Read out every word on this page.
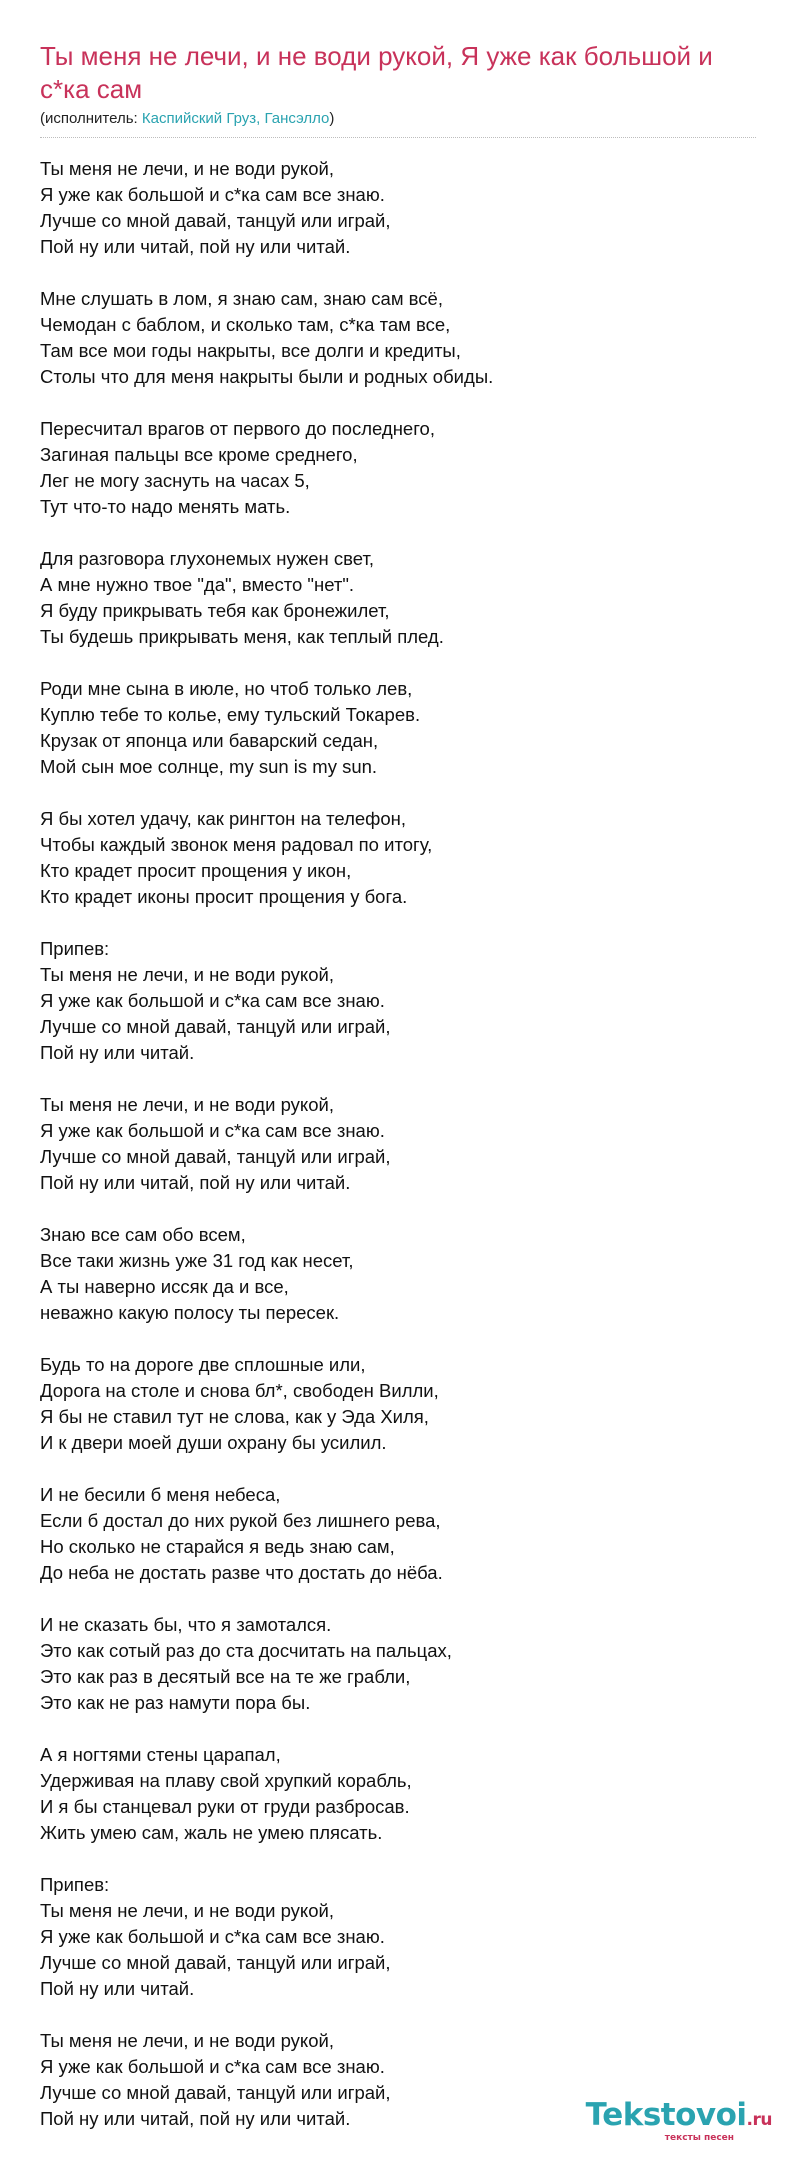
Ты меня не лечи, и не води рукой, Я уже как большой и с*ка сам
(исполнитель: Каспийский Груз, Гансэлло)
Ты меня не лечи, и не води рукой,
Я уже как большой и с*ка сам все знаю.
Лучше со мной давай, танцуй или играй,
Пой ну или читай, пой ну или читай.
Мне слушать в лом, я знаю сам, знаю сам всё,
Чемодан с баблом, и сколько там, с*ка там все,
Там все мои годы накрыты, все долги и кредиты,
Столы что для меня накрыты были и родных обиды.
Пересчитал врагов от первого до последнего,
Загиная пальцы все кроме среднего,
Лег не могу заснуть на часах 5,
Тут что-то надо менять мать.
Для разговора глухонемых нужен свет,
А мне нужно твое "да", вместо "нет".
Я буду прикрывать тебя как бронежилет,
Ты будешь прикрывать меня, как теплый плед.
Роди мне сына в июле, но чтоб только лев,
Куплю тебе то колье, ему тульский Токарев.
Крузак от японца или баварский седан,
Мой сын мое солнце, my sun is my sun.
Я бы хотел удачу, как рингтон на телефон,
Чтобы каждый звонок меня радовал по итогу,
Кто крадет просит прощения у икон,
Кто крадет иконы просит прощения у бога.
Припев:
Ты меня не лечи, и не води рукой,
Я уже как большой и с*ка сам все знаю.
Лучше со мной давай, танцуй или играй,
Пой ну или читай.
Ты меня не лечи, и не води рукой,
Я уже как большой и с*ка сам все знаю.
Лучше со мной давай, танцуй или играй,
Пой ну или читай, пой ну или читай.
Знаю все сам обо всем,
Все таки жизнь уже 31 год как несет,
А ты наверно иссяк да и все,
неважно какую полосу ты пересек.
Будь то на дороге две сплошные или,
Дорога на столе и снова бл*, свободен Вилли,
Я бы не ставил тут не слова, как у Эда Хиля,
И к двери моей души охрану бы усилил.
И не бесили б меня небеса,
Если б достал до них рукой без лишнего рева,
Но сколько не старайся я ведь знаю сам,
До неба не достать разве что достать до нёба.
И не сказать бы, что я замотался.
Это как сотый раз до ста досчитать на пальцах,
Это как раз в десятый все на те же грабли,
Это как не раз намути пора бы.
А я ногтями стены царапал,
Удерживая на плаву свой хрупкий корабль,
И я бы станцевал руки от груди разбросав.
Жить умею сам, жаль не умею плясать.
Припев:
Ты меня не лечи, и не води рукой,
Я уже как большой и с*ка сам все знаю.
Лучше со мной давай, танцуй или играй,
Пой ну или читай.
Ты меня не лечи, и не води рукой,
Я уже как большой и с*ка сам все знаю.
Лучше со мной давай, танцуй или играй,
Пой ну или читай, пой ну или читай.	Tekstovoi.ru
тексты песен
